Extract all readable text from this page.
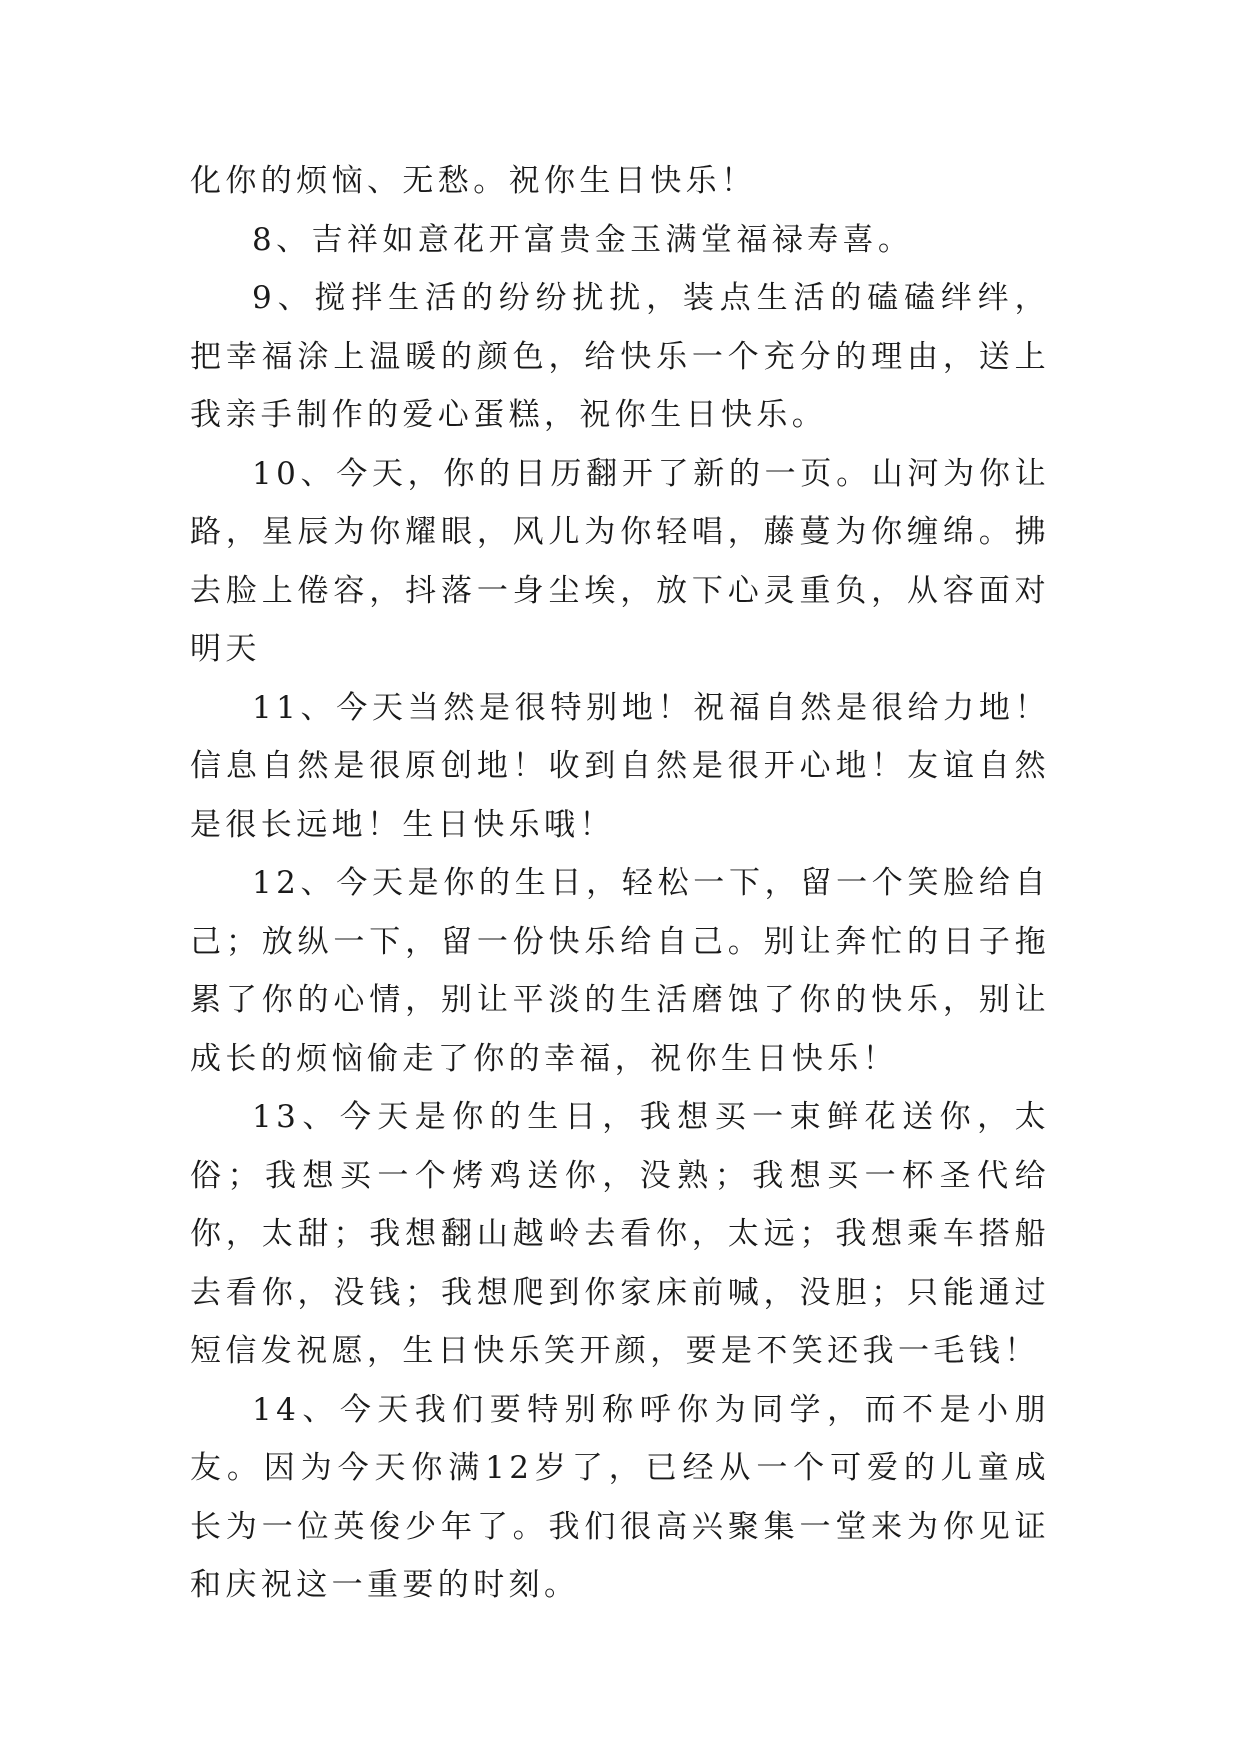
化你的烦恼、无愁。祝你生日快乐！

8、吉祥如意花开富贵金玉满堂福禄寿喜。

9、搅拌生活的纷纷扰扰，装点生活的磕磕绊绊，把幸福涂上温暖的颜色，给快乐一个充分的理由，送上我亲手制作的爱心蛋糕，祝你生日快乐。

10、今天，你的日历翻开了新的一页。山河为你让路，星辰为你耀眼，风儿为你轻唱，藤蔓为你缠绵。拂去脸上倦容，抖落一身尘埃，放下心灵重负，从容面对明天

11、今天当然是很特别地！祝福自然是很给力地！信息自然是很原创地！收到自然是很开心地！友谊自然是很长远地！生日快乐哦！

12、今天是你的生日，轻松一下，留一个笑脸给自己；放纵一下，留一份快乐给自己。别让奔忙的日子拖累了你的心情，别让平淡的生活磨蚀了你的快乐，别让成长的烦恼偷走了你的幸福，祝你生日快乐！

13、今天是你的生日，我想买一束鲜花送你，太俗；我想买一个烤鸡送你，没熟；我想买一杯圣代给你，太甜；我想翻山越岭去看你，太远；我想乘车搭船去看你，没钱；我想爬到你家床前喊，没胆；只能通过短信发祝愿，生日快乐笑开颜，要是不笑还我一毛钱！

14、今天我们要特别称呼你为同学，而不是小朋友。因为今天你满12岁了，已经从一个可爱的儿童成长为一位英俊少年了。我们很高兴聚集一堂来为你见证和庆祝这一重要的时刻。
